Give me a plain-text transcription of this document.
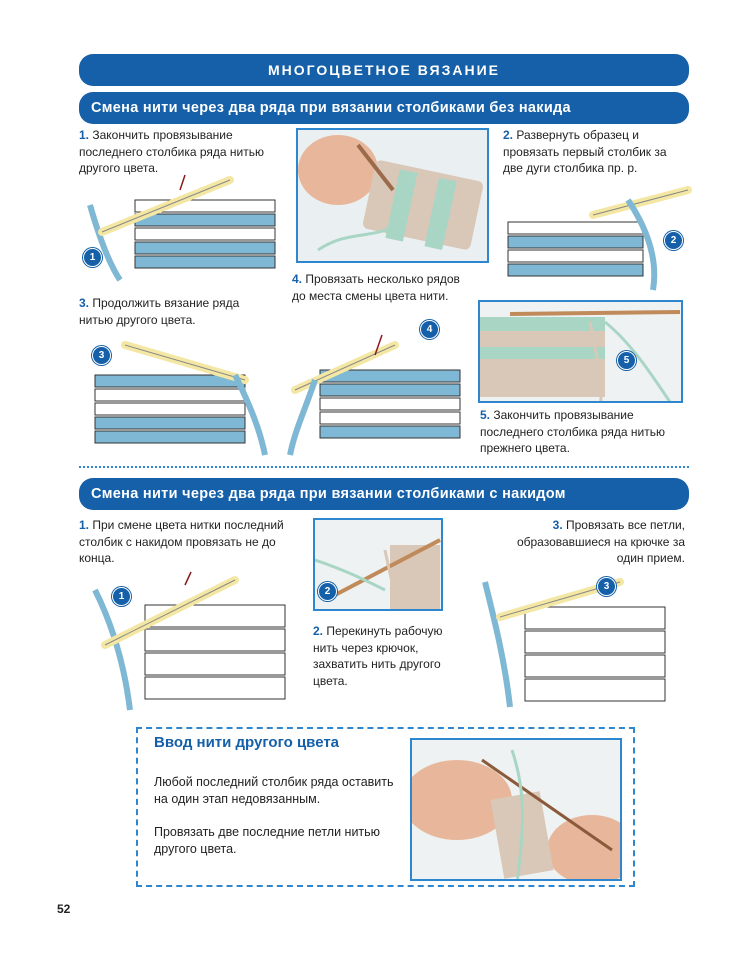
МНОГОЦВЕТНОЕ ВЯЗАНИЕ
Смена нити через два ряда при вязании столбиками без накида
1. Закончить провязывание последнего столбика ряда нитью другого цвета.
1
4. Провязать несколько рядов до места смены цвета нити.
2. Развернуть образец и провязать первый столбик за две дуги столбика пр. р.
2
3. Продолжить вязание ряда нитью другого цвета.
3
4
5
5. Закончить провязывание последнего столбика ряда нитью прежнего цвета.
Смена нити через два ряда при вязании столбиками с накидом
1. При смене цвета нитки последний столбик с накидом провязать не до конца.
1	2
2. Перекинуть рабочую нить через крючок, захватить нить другого цвета.
3. Провязать все петли, образовавшиеся на крючке за один прием.
3
Ввод нити другого цвета
Любой последний столбик ряда оставить на один этап недовязанным.
Провязать две последние петли нитью другого цвета.
52
